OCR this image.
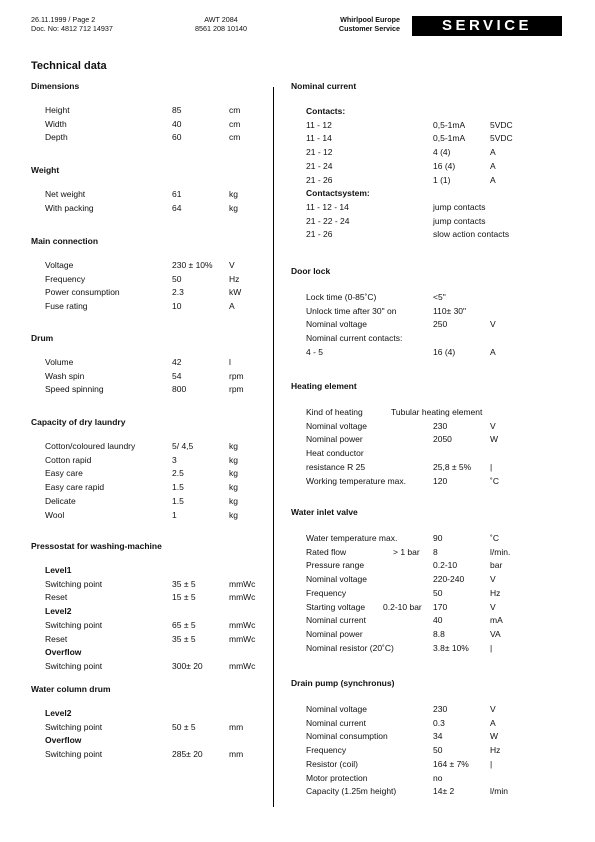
26.11.1999 / Page 2
Doc. No: 4812 712 14937
AWT 2084
8561 208 10140
Whirlpool Europe
Customer Service	SERVICE
Technical data
Dimensions
Height	85	cm
Width	40	cm
Depth	60	cm
Weight
Net weight	61	kg
With packing	64	kg
Main connection
Voltage	230 ± 10% V
Frequency	50	Hz
Power consumption	2.3	kW
Fuse rating	10	A
Drum
Volume	42	l
Wash spin	54	rpm
Speed spinning	800	rpm
Capacity of dry laundry
Cotton/coloured laundry	5/ 4,5	kg
Cotton rapid	3	kg
Easy care	2.5	kg
Easy care rapid	1.5	kg
Delicate	1.5	kg
Wool	1	kg
Pressostat for washing-machine
Level1
Switching point	35 ± 5	mmWc
Reset	15 ± 5	mmWc
Level2
Switching point	65 ± 5	mmWc
Reset	35 ± 5	mmWc
Overflow
Switching point	300± 20	mmWc
Water column drum
Level2
Switching point	50 ± 5	mm
Overflow
Switching point	285± 20	mm
Nominal current
Contacts:
11 - 12	0,5-1mA	5VDC
11 - 14	0,5-1mA	5VDC
21 - 12	4 (4)	A
21 - 24	16 (4)	A
21 - 26	1 (1)	A
Contactsystem:
11 - 12 - 14	jump contacts
21 - 22 - 24	jump contacts
21 - 26	slow action contacts
Door lock
Lock time (0-85˚C)	<5"
Unlock time after 30" on	110± 30"
Nominal voltage	250	V
Nominal current contacts:
4 - 5	16 (4)	A
Heating element
Kind of heating	Tubular heating element
Nominal voltage	230	V
Nominal power	2050	W
Heat conductor
resistance R 25	25,8 ± 5% |
Working temperature max.	120	˚C
Water inlet valve
Water temperature max.	90	˚C
Rated flow	> 1 bar 8	l/min.
Pressure range	0.2-10	bar
Nominal voltage	220-240	V
Frequency	50	Hz
Starting voltage 0.2-10 bar 170	V
Nominal current	40	mA
Nominal power	8.8	VA
Nominal resistor (20˚C)	3.8± 10% |
Drain pump (synchronus)
Nominal voltage	230	V
Nominal current	0.3	A
Nominal consumption	34	W
Frequency	50	Hz
Resistor (coil)	164 ± 7% |
Motor protection	no
Capacity (1.25m height)	14± 2	l/min
